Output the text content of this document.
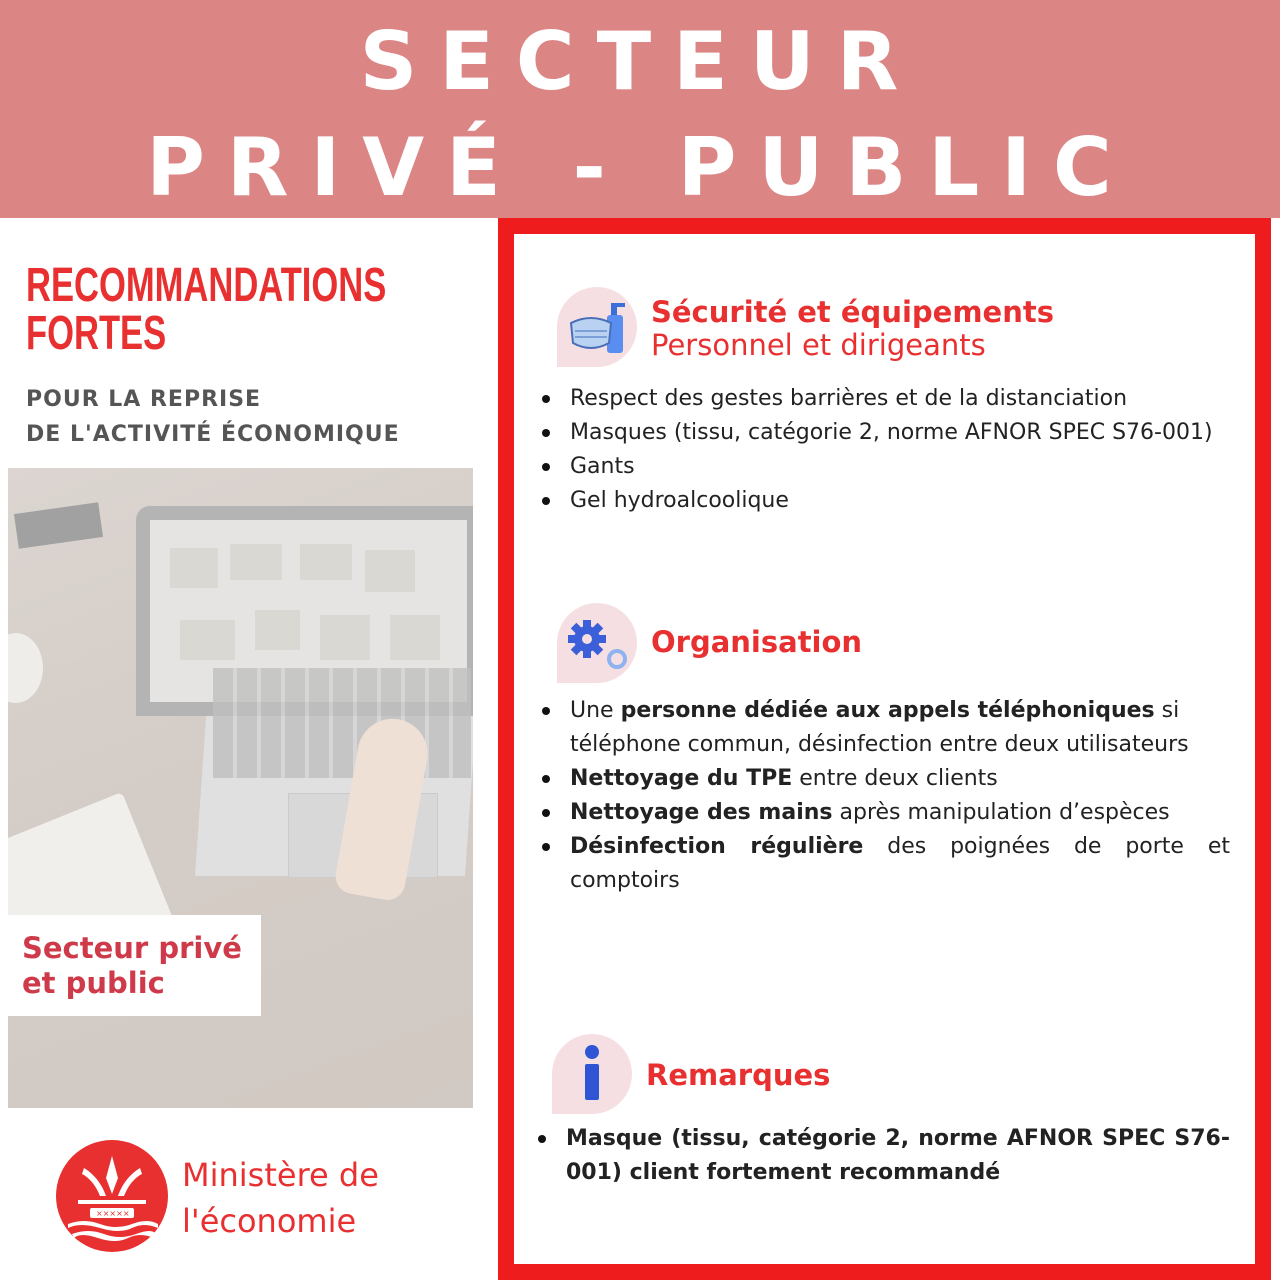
SECTEUR
PRIVÉ - PUBLIC
RECOMMANDATIONS
FORTES
POUR LA REPRISE
DE L'ACTIVITÉ ÉCONOMIQUE
Secteur privé
et public
×××××
Ministère de
l'économie
Sécurité et équipements
Personnel et dirigeants
Respect des gestes barrières et de la distanciation
Masques (tissu, catégorie 2, norme AFNOR SPEC S76-001)
Gants
Gel hydroalcoolique
Organisation
Une personne dédiée aux appels téléphoniques si téléphone commun, désinfection entre deux utilisateurs
Nettoyage du TPE entre deux clients
Nettoyage des mains après manipulation d’espèces
Désinfection régulière des poignées de porte et comptoirs
Remarques
Masque (tissu, catégorie 2, norme AFNOR SPEC S76-001) client fortement recommandé
